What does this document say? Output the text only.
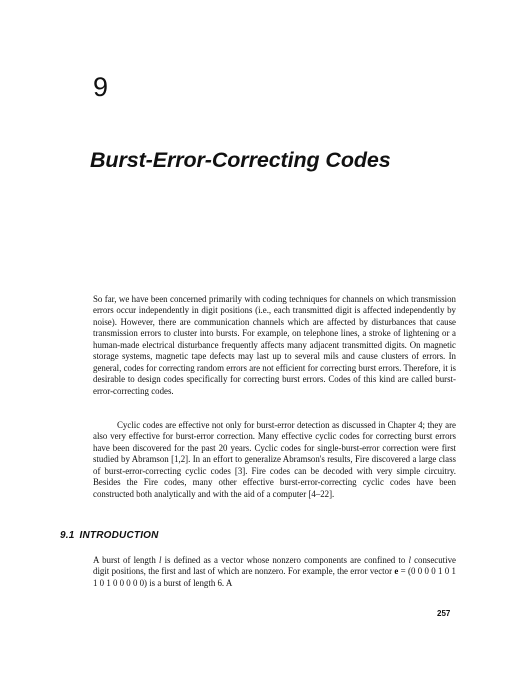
9
Burst-Error-Correcting Codes

So far, we have been concerned primarily with coding techniques for channels on which transmission errors occur independently in digit positions (i.e., each transmitted digit is affected independently by noise). However, there are communication channels which are affected by disturbances that cause transmission errors to cluster into bursts. For example, on telephone lines, a stroke of lightening or a human-made electrical disturbance frequently affects many adjacent transmitted digits. On magnetic storage systems, magnetic tape defects may last up to several mils and cause clusters of errors. In general, codes for correcting random errors are not efficient for correcting burst errors. Therefore, it is desirable to design codes specifically for correcting burst errors. Codes of this kind are called burst-error-correcting codes.

Cyclic codes are effective not only for burst-error detection as discussed in Chapter 4; they are also very effective for burst-error correction. Many effective cyclic codes for correcting burst errors have been discovered for the past 20 years. Cyclic codes for single-burst-error correction were first studied by Abramson [1,2]. In an effort to generalize Abramson's results, Fire discovered a large class of burst-error-correcting cyclic codes [3]. Fire codes can be decoded with very simple circuitry. Besides the Fire codes, many other effective burst-error-correcting cyclic codes have been constructed both analytically and with the aid of a computer [4–22].

9.1 INTRODUCTION

A burst of length l is defined as a vector whose nonzero components are confined to l consecutive digit positions, the first and last of which are nonzero. For example, the error vector e = (0 0 0 0 1 0 1 1 0 1 0 0 0 0 0) is a burst of length 6. A

257
